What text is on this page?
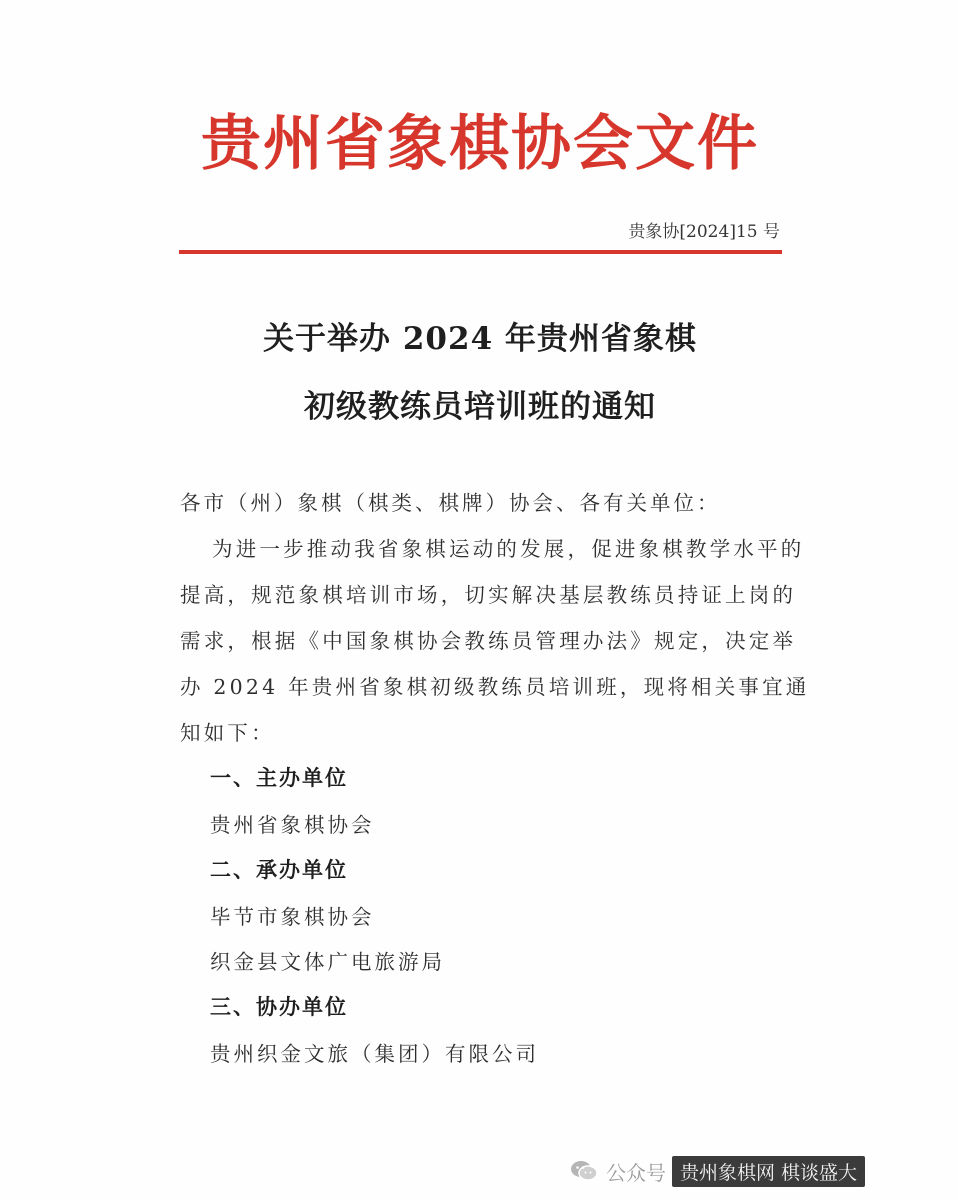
贵州省象棋协会文件
贵象协[2024]15 号
关于举办 2024 年贵州省象棋
初级教练员培训班的通知
各市（州）象棋（棋类、棋牌）协会、各有关单位：
为进一步推动我省象棋运动的发展，促进象棋教学水平的
提高，规范象棋培训市场，切实解决基层教练员持证上岗的
需求，根据《中国象棋协会教练员管理办法》规定，决定举
办 2024 年贵州省象棋初级教练员培训班，现将相关事宜通
知如下：
一、主办单位
贵州省象棋协会
二、承办单位
毕节市象棋协会
织金县文体广电旅游局
三、协办单位
贵州织金文旅（集团）有限公司
公众号 贵州象棋网 棋谈盛大
